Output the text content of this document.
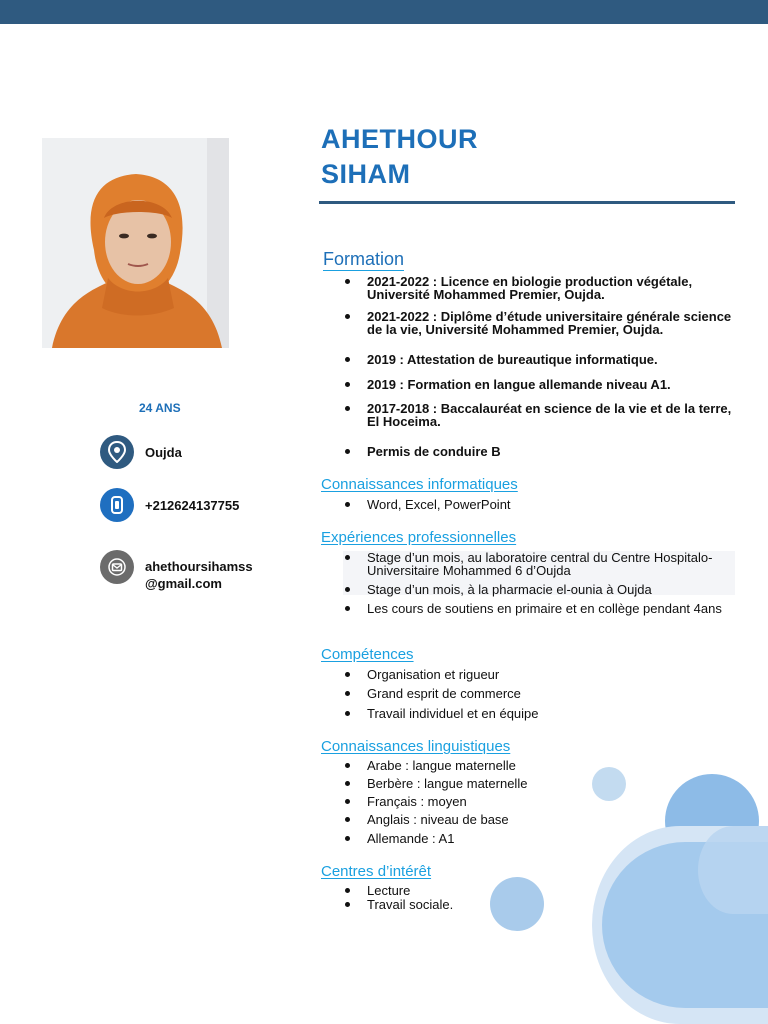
24 ANS
Oujda
+212624137755
ahethoursihamss@gmail.com
AHETHOUR
SIHAM
Formation
2021-2022 : Licence en biologie production végétale, Université Mohammed Premier, Oujda.
2021-2022 : Diplôme d’étude universitaire générale science de la vie, Université Mohammed Premier, Oujda.
2019 : Attestation de bureautique informatique.
2019 : Formation en langue allemande niveau A1.
2017-2018 : Baccalauréat en science de la vie et de la terre, El Hoceima.
Permis de conduire B
Connaissances informatiques
Word, Excel, PowerPoint
Expériences professionnelles
Stage d’un mois, au laboratoire central du Centre Hospitalo-Universitaire Mohammed 6 d’Oujda
Stage d’un mois, à la pharmacie el-ounia à Oujda
Les cours de soutiens en primaire et en collège pendant 4ans
Compétences
Organisation et rigueur
Grand esprit de commerce
Travail individuel et en équipe
Connaissances linguistiques
Arabe : langue maternelle
Berbère : langue maternelle
Français : moyen
Anglais : niveau de base
Allemande : A1
Centres d’intérêt
Lecture
Travail sociale.
